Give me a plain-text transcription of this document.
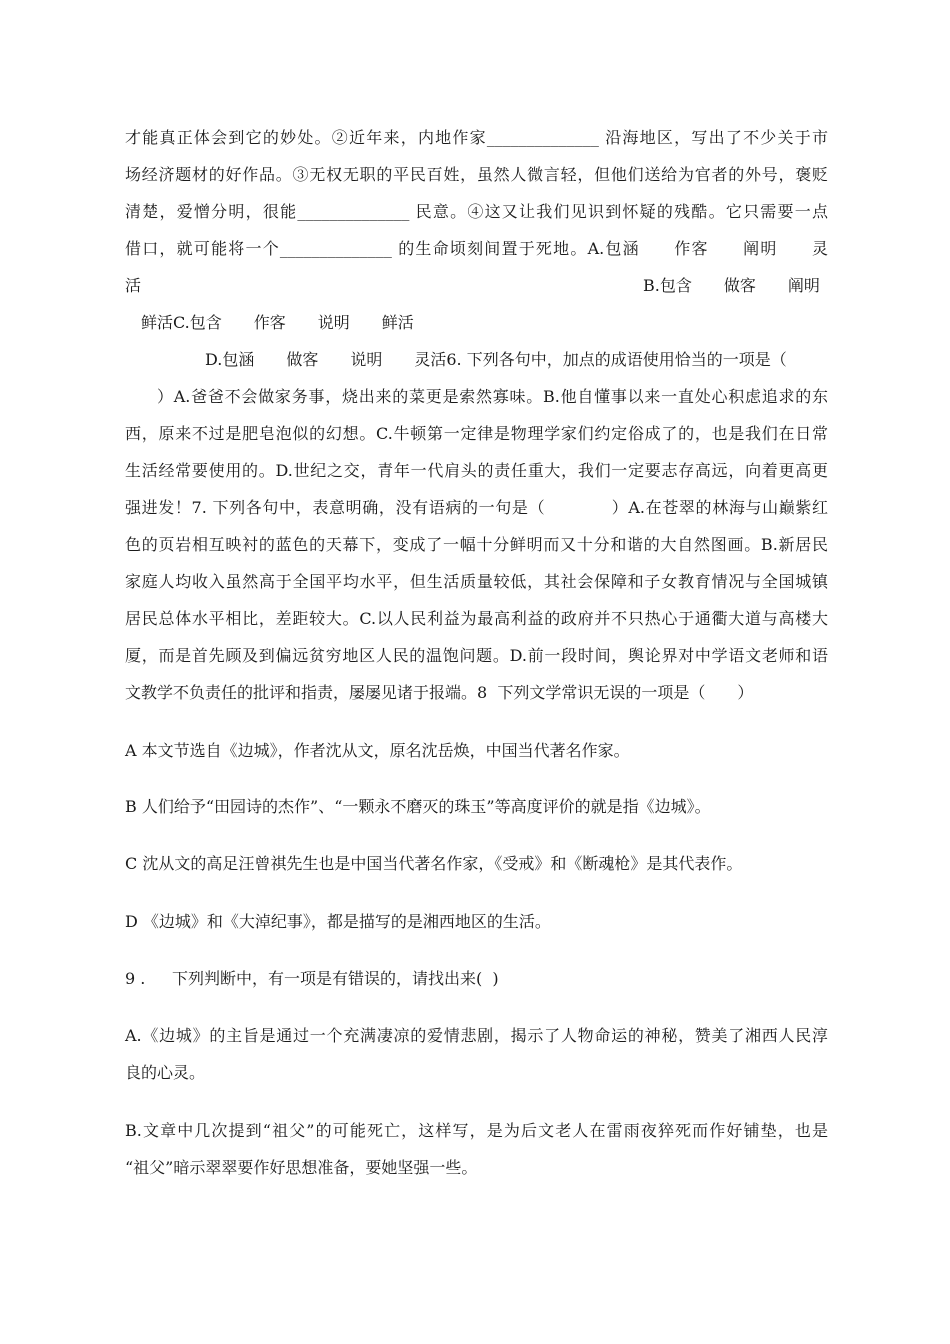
才能真正体会到它的妙处。②近年来，内地作家______________ 沿海地区，写出了不少关于市
场经济题材的好作品。③无权无职的平民百姓，虽然人微言轻，但他们送给为官者的外号，褒贬
清楚，爱憎分明，很能______________ 民意。④这又让我们见识到怀疑的残酷。它只需要一点
借口，就可能将一个______________ 的生命顷刻间置于死地。A.包涵　　作客　　阐明　　灵
活	B.包含　　做客　　阐明
鲜活C.包含　　作客　　说明　　鲜活
D.包涵　　做客　　说明　　灵活6. 下列各句中，加点的成语使用恰当的一项是（
）A.爸爸不会做家务事，烧出来的菜更是索然寡味。B.他自懂事以来一直处心积虑追求的东
西，原来不过是肥皂泡似的幻想。C.牛顿第一定律是物理学家们约定俗成了的，也是我们在日常
生活经常要使用的。D.世纪之交，青年一代肩头的责任重大，我们一定要志存高远，向着更高更
强进发！7. 下列各句中，表意明确，没有语病的一句是（　　　　）A.在苍翠的林海与山巅紫红
色的页岩相互映衬的蓝色的天幕下，变成了一幅十分鲜明而又十分和谐的大自然图画。B.新居民
家庭人均收入虽然高于全国平均水平，但生活质量较低，其社会保障和子女教育情况与全国城镇
居民总体水平相比，差距较大。C.以人民利益为最高利益的政府并不只热心于通衢大道与高楼大
厦，而是首先顾及到偏远贫穷地区人民的温饱问题。D.前一段时间，舆论界对中学语文老师和语
文教学不负责任的批评和指责，屡屡见诸于报端。8  下列文学常识无误的一项是（　　）
A 本文节选自《边城》，作者沈从文，原名沈岳焕，中国当代著名作家。
B 人们给予“田园诗的杰作”、“一颗永不磨灭的珠玉”等高度评价的就是指《边城》。
C 沈从文的高足汪曾祺先生也是中国当代著名作家，《受戒》和《断魂枪》是其代表作。
D 《边城》和《大淖纪事》，都是描写的是湘西地区的生活。
9 . 下列判断中，有一项是有错误的，请找出来(  )
A.《边城》的主旨是通过一个充满凄凉的爱情悲剧，揭示了人物命运的神秘，赞美了湘西人民淳
良的心灵。
B.文章中几次提到“祖父”的可能死亡，这样写，是为后文老人在雷雨夜猝死而作好铺垫，也是
“祖父”暗示翠翠要作好思想准备，要她坚强一些。
